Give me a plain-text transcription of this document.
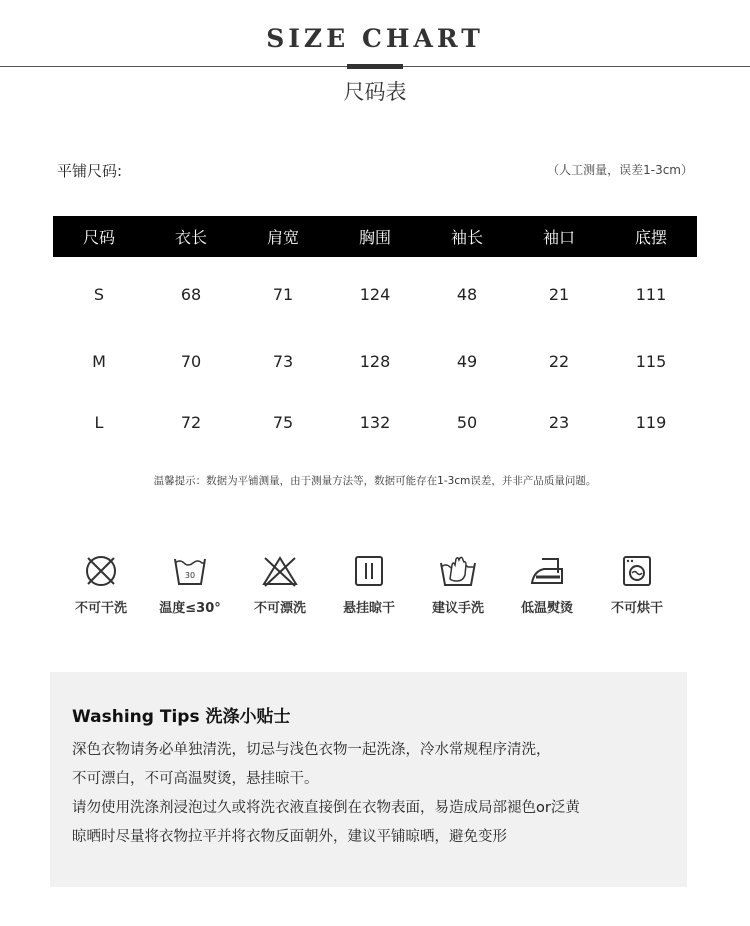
SIZE CHART
尺码表
平铺尺码:	（人工测量，误差1-3cm）
尺码	衣长	肩宽	胸围	袖长	袖口	底摆
S	68	71	124	48	21	111
M	70	73	128	49	22	115
L	72	75	132	50	23	119
温馨提示：数据为平铺测量，由于测量方法等，数据可能存在1-3cm误差，并非产品质量问题。
不可干洗
30
温度≤30°	不可漂洗	悬挂晾干	建议手洗	低温熨烫	不可烘干
Washing Tips 洗涤小贴士
深色衣物请务必单独清洗，切忌与浅色衣物一起洗涤，冷水常规程序清洗，
不可漂白，不可高温熨烫，悬挂晾干。
请勿使用洗涤剂浸泡过久或将洗衣液直接倒在衣物表面，易造成局部褪色or泛黄
晾晒时尽量将衣物拉平并将衣物反面朝外，建议平铺晾晒，避免变形
